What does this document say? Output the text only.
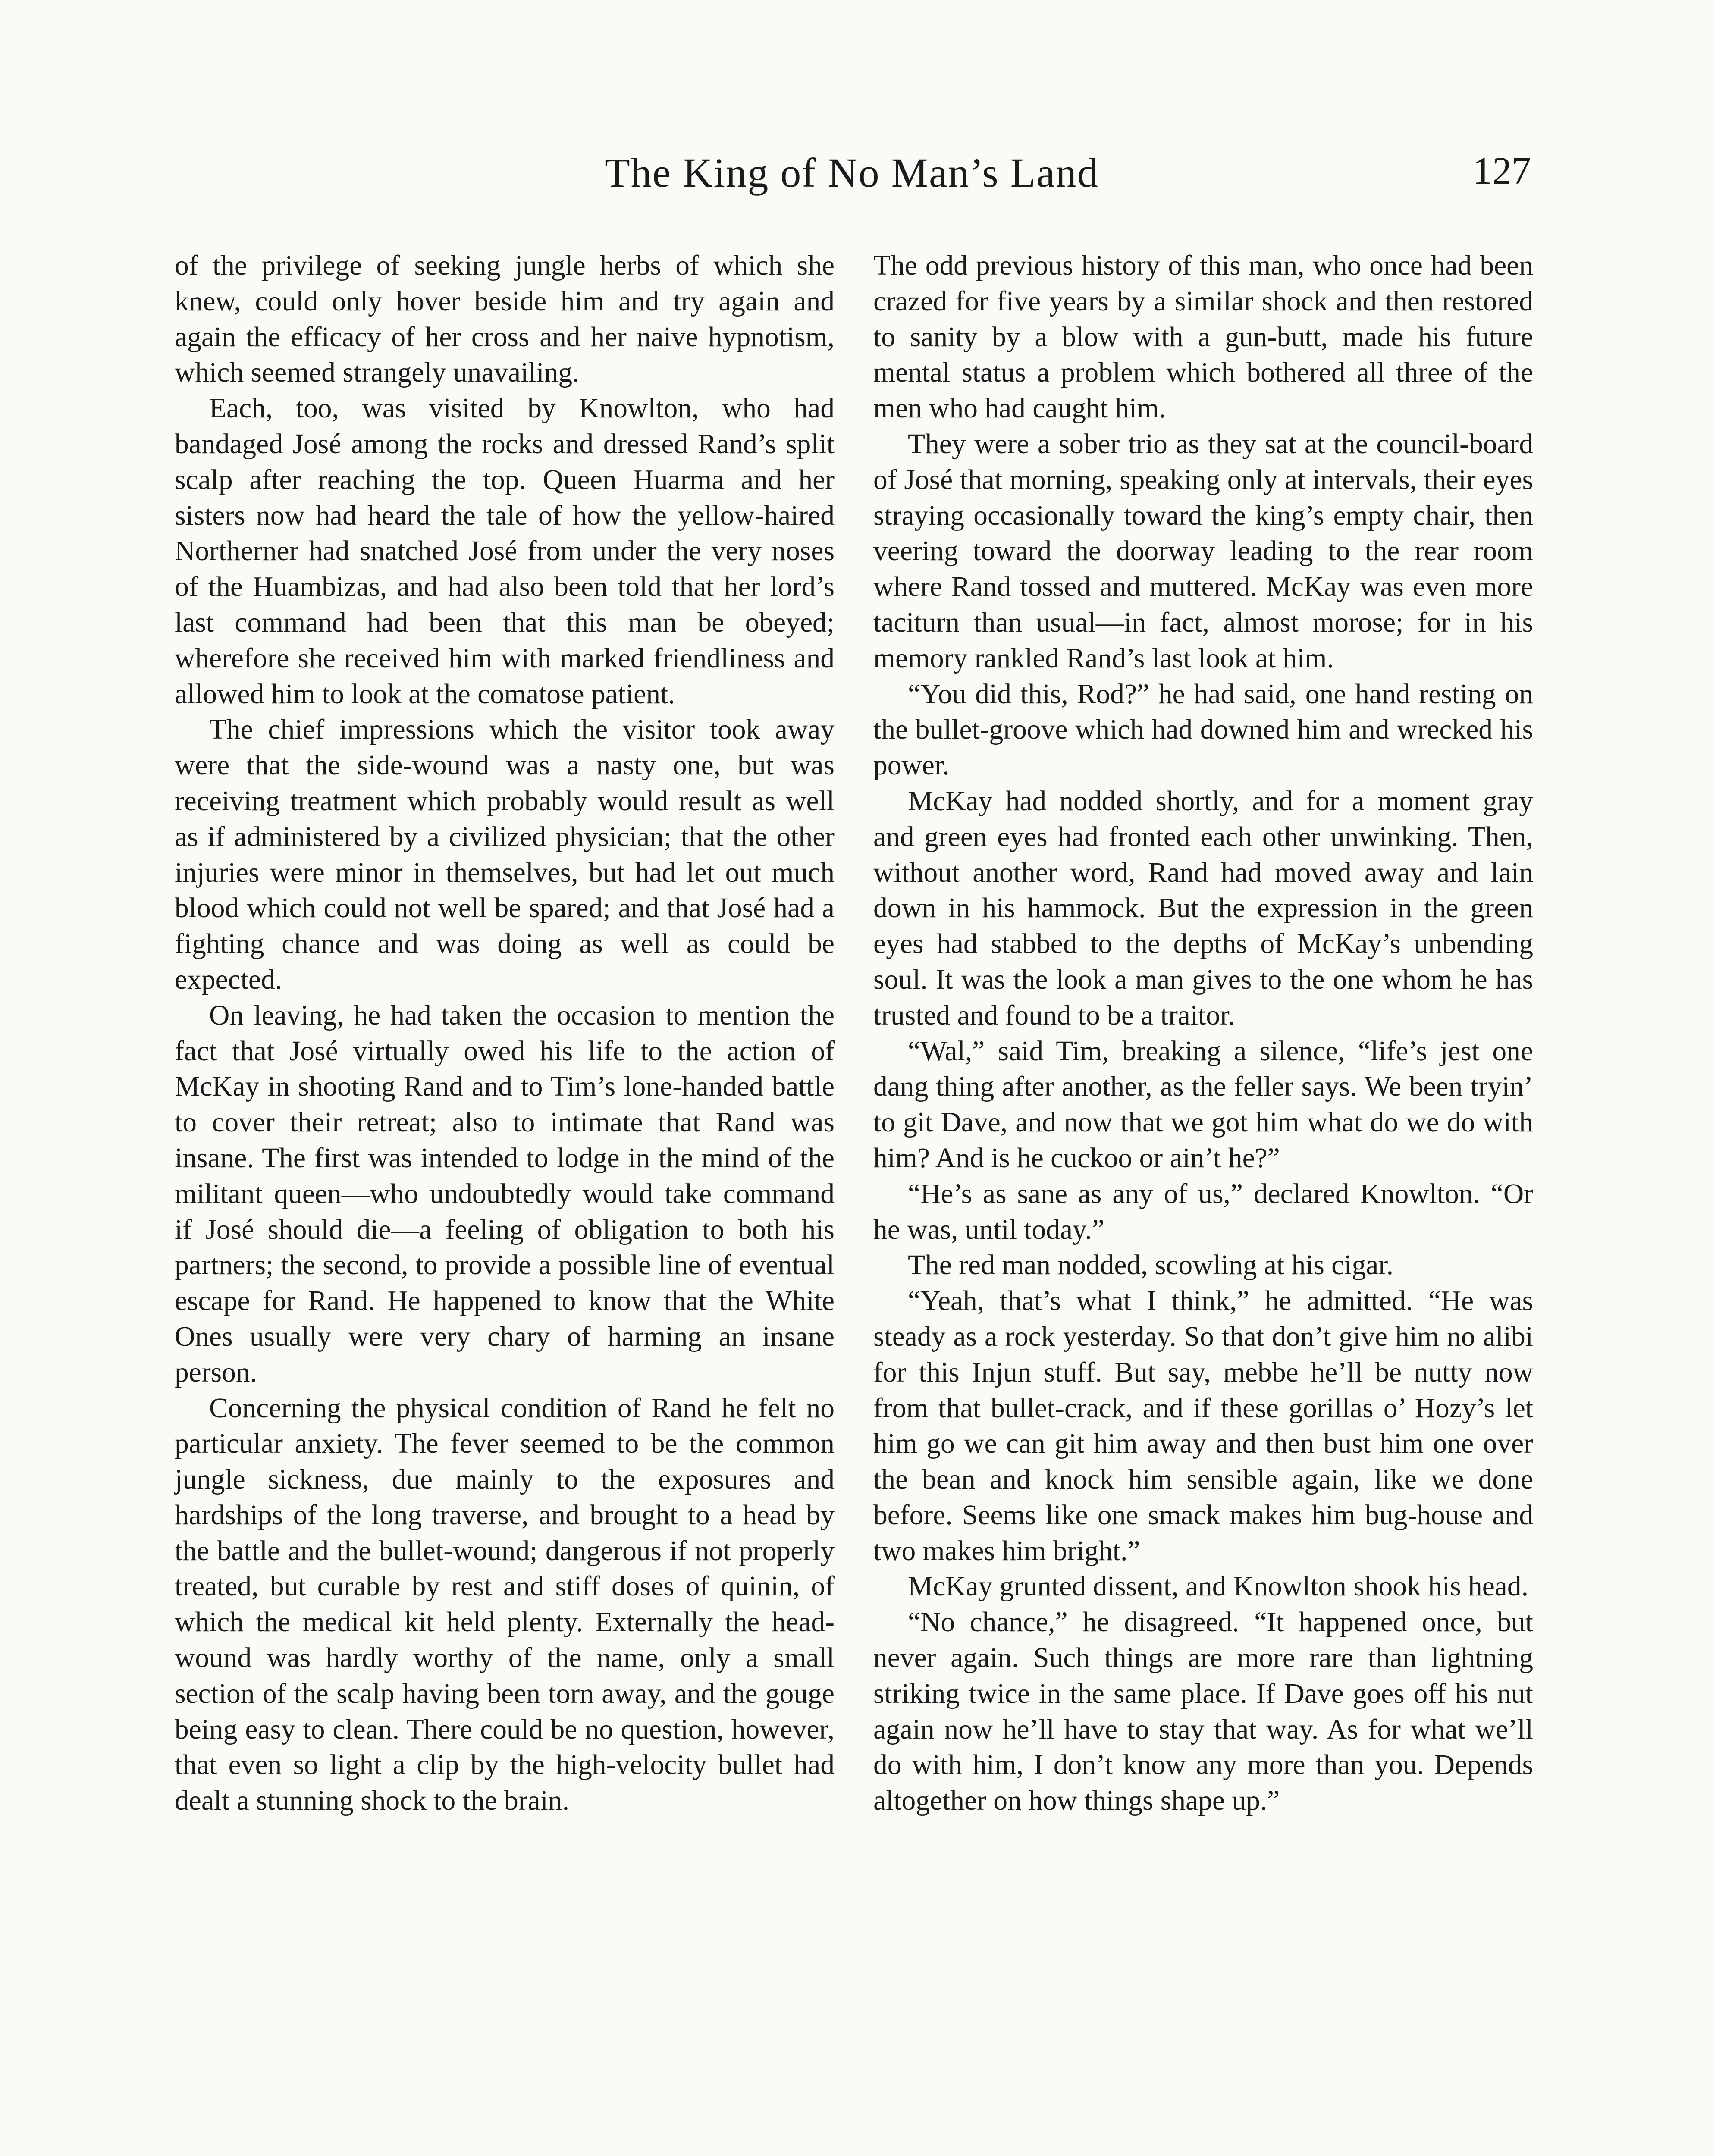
The King of No Man’s Land	127

of the privilege of seeking jungle herbs of which she knew, could only hover beside him and try again and again the efficacy of her cross and her naive hypnotism, which seemed strangely unavailing.

Each, too, was visited by Knowlton, who had bandaged José among the rocks and dressed Rand’s split scalp after reaching the top. Queen Huarma and her sisters now had heard the tale of how the yellow-haired Northerner had snatched José from under the very noses of the Huambizas, and had also been told that her lord’s last command had been that this man be obeyed; wherefore she received him with marked friendliness and allowed him to look at the comatose patient.

The chief impressions which the visitor took away were that the side-wound was a nasty one, but was receiving treatment which probably would result as well as if administered by a civilized physician; that the other injuries were minor in themselves, but had let out much blood which could not well be spared; and that José had a fighting chance and was doing as well as could be expected.

On leaving, he had taken the occasion to mention the fact that José virtually owed his life to the action of McKay in shooting Rand and to Tim’s lone-handed battle to cover their retreat; also to intimate that Rand was insane. The first was intended to lodge in the mind of the militant queen—who undoubtedly would take command if José should die—a feeling of obligation to both his partners; the second, to provide a possible line of eventual escape for Rand. He happened to know that the White Ones usually were very chary of harming an insane person.

Concerning the physical condition of Rand he felt no particular anxiety. The fever seemed to be the common jungle sickness, due mainly to the exposures and hardships of the long traverse, and brought to a head by the battle and the bullet-wound; dangerous if not properly treated, but curable by rest and stiff doses of quinin, of which the medical kit held plenty. Externally the head-wound was hardly worthy of the name, only a small section of the scalp having been torn away, and the gouge being easy to clean. There could be no question, however, that even so light a clip by the high-velocity bullet had dealt a stunning shock to the brain.

The odd previous history of this man, who once had been crazed for five years by a similar shock and then restored to sanity by a blow with a gun-butt, made his future mental status a problem which bothered all three of the men who had caught him.

They were a sober trio as they sat at the council-board of José that morning, speaking only at intervals, their eyes straying occasionally toward the king’s empty chair, then veering toward the doorway leading to the rear room where Rand tossed and muttered. McKay was even more taciturn than usual—in fact, almost morose; for in his memory rankled Rand’s last look at him.

“You did this, Rod?” he had said, one hand resting on the bullet-groove which had downed him and wrecked his power.

McKay had nodded shortly, and for a moment gray and green eyes had fronted each other unwinking. Then, without another word, Rand had moved away and lain down in his hammock. But the expression in the green eyes had stabbed to the depths of McKay’s unbending soul. It was the look a man gives to the one whom he has trusted and found to be a traitor.

“Wal,” said Tim, breaking a silence, “life’s jest one dang thing after another, as the feller says. We been tryin’ to git Dave, and now that we got him what do we do with him? And is he cuckoo or ain’t he?”

“He’s as sane as any of us,” declared Knowlton. “Or he was, until today.”

The red man nodded, scowling at his cigar.

“Yeah, that’s what I think,” he admitted. “He was steady as a rock yesterday. So that don’t give him no alibi for this Injun stuff. But say, mebbe he’ll be nutty now from that bullet-crack, and if these gorillas o’ Hozy’s let him go we can git him away and then bust him one over the bean and knock him sensible again, like we done before. Seems like one smack makes him bug-house and two makes him bright.”

McKay grunted dissent, and Knowlton shook his head.

“No chance,” he disagreed. “It happened once, but never again. Such things are more rare than lightning striking twice in the same place. If Dave goes off his nut again now he’ll have to stay that way. As for what we’ll do with him, I don’t know any more than you. Depends altogether on how things shape up.”
